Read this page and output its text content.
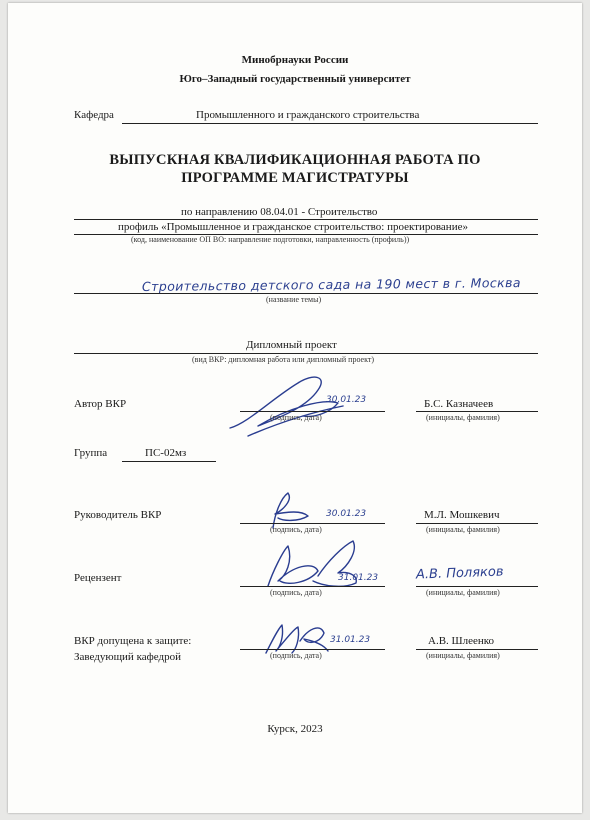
Минобрнауки России
Юго–Западный государственный университет
Кафедра	Промышленного и гражданского строительства
ВЫПУСКНАЯ КВАЛИФИКАЦИОННАЯ РАБОТА ПО
ПРОГРАММЕ МАГИСТРАТУРЫ
по направлению 08.04.01 - Строительство
профиль «Промышленное и гражданское строительство: проектирование»
(код, наименование ОП ВО: направление подготовки, направленность (профиль))
Строительство детского сада на 190 мест в г. Москва
(название темы)
Дипломный проект
(вид ВКР: дипломная работа или дипломный проект)
Автор ВКР	30.01.23
(подпись, дата)
Б.С. Казначеев
(инициалы, фамилия)
Группа	ПС-02мз
Руководитель ВКР	30.01.23
(подпись, дата)
М.Л. Мошкевич
(инициалы, фамилия)
Рецензент	31.01.23
(подпись, дата)
А.В. Поляков
(инициалы, фамилия)
ВКР допущена к защите:
Заведующий кафедрой
31.01.23
(подпись, дата)
А.В. Шлеенко
(инициалы, фамилия)
Курск, 2023
